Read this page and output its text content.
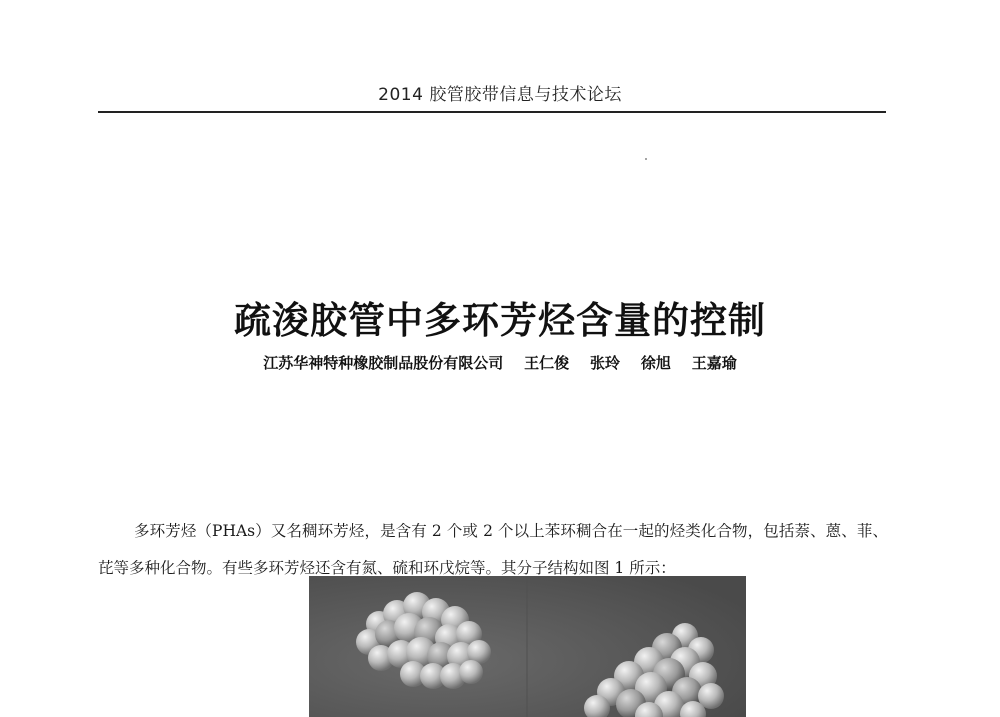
2014 胶管胶带信息与技术论坛
疏浚胶管中多环芳烃含量的控制
江苏华神特种橡胶制品股份有限公司    王仁俊    张玲    徐旭    王嘉瑜

多环芳烃（PHAs）又名稠环芳烃，是含有 2 个或 2 个以上苯环稠合在一起的烃类化合物，包括萘、蒽、菲、芘等多种化合物。有些多环芳烃还含有氮、硫和环戊烷等。其分子结构如图 1 所示：
